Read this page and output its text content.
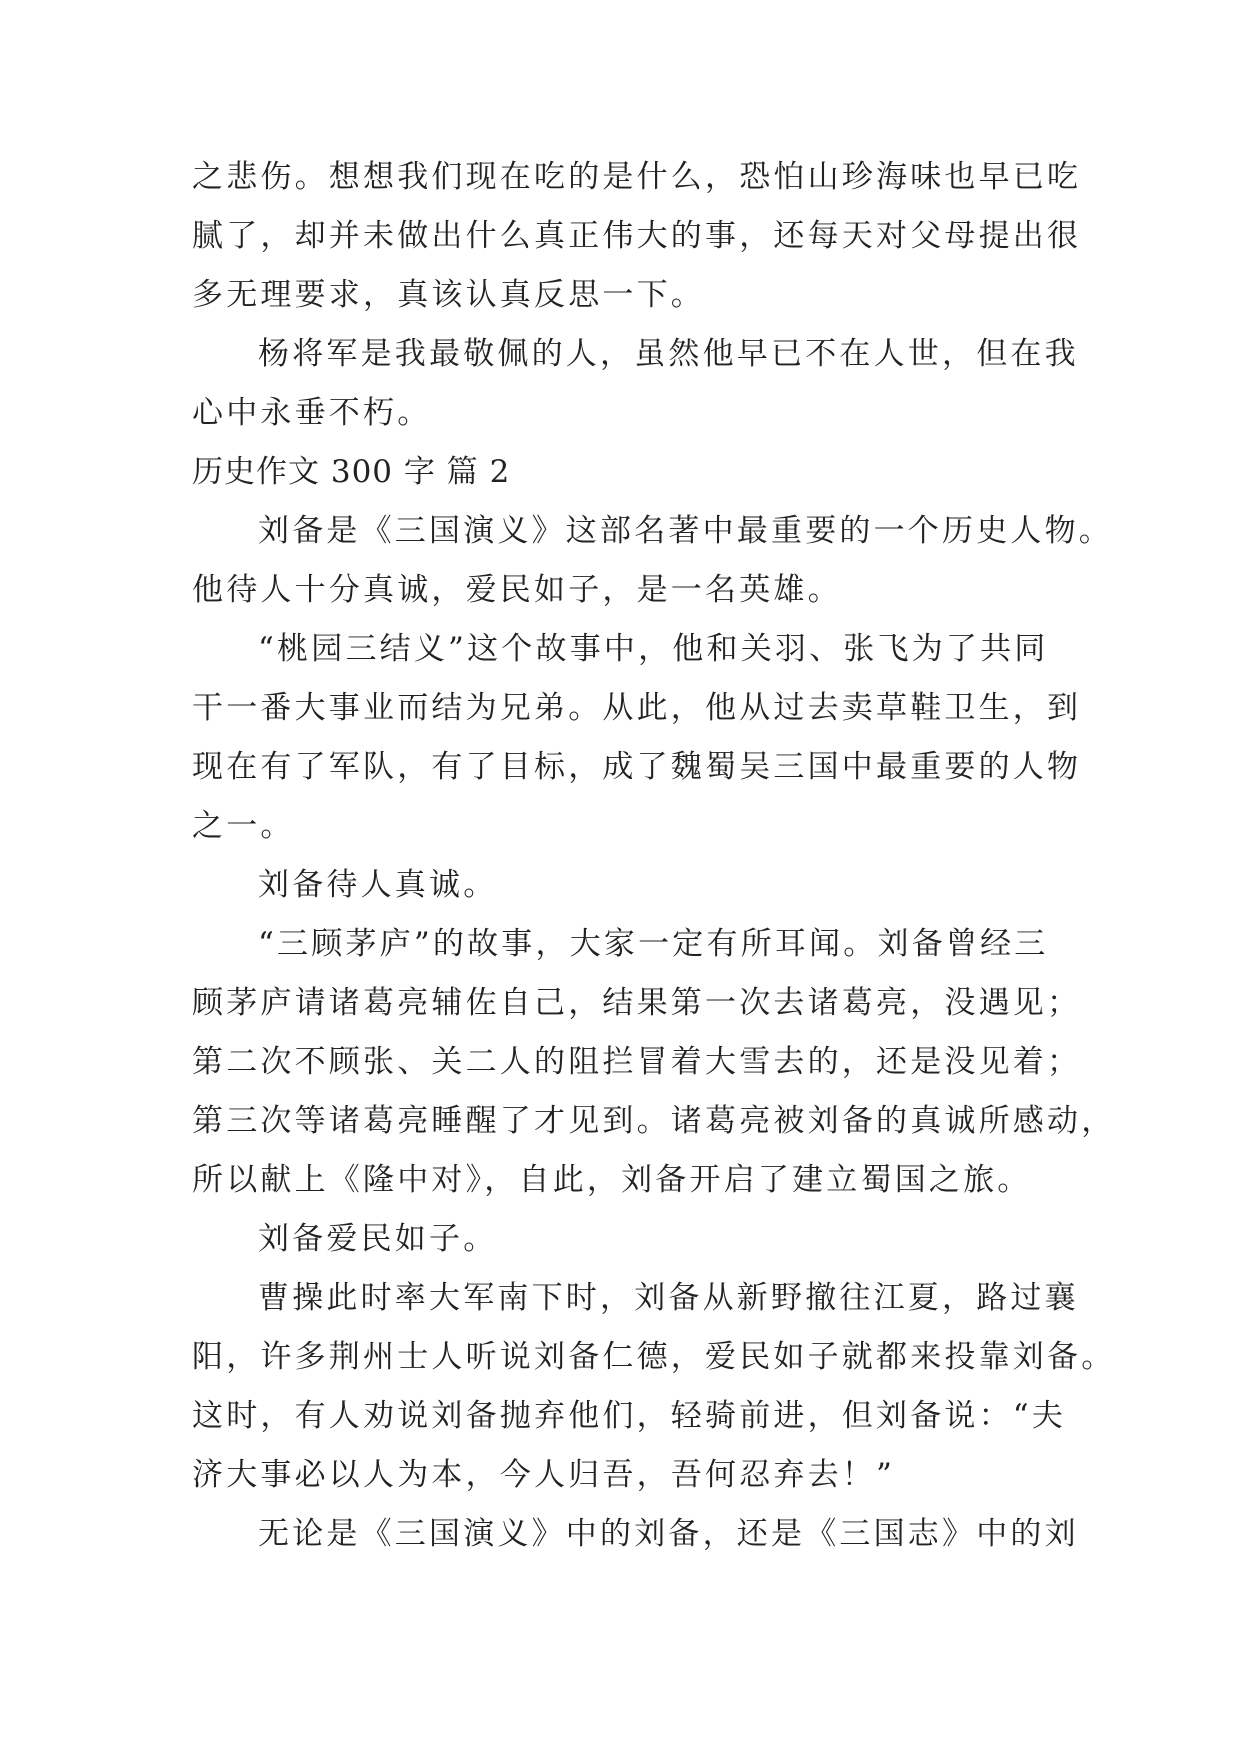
之悲伤。想想我们现在吃的是什么，恐怕山珍海味也早已吃
腻了，却并未做出什么真正伟大的事，还每天对父母提出很
多无理要求，真该认真反思一下。
杨将军是我最敬佩的人，虽然他早已不在人世，但在我
心中永垂不朽。
历史作文 300 字 篇 2
刘备是《三国演义》这部名著中最重要的一个历史人物。
他待人十分真诚，爱民如子，是一名英雄。
“桃园三结义”这个故事中，他和关羽、张飞为了共同
干一番大事业而结为兄弟。从此，他从过去卖草鞋卫生，到
现在有了军队，有了目标，成了魏蜀吴三国中最重要的人物
之一。
刘备待人真诚。
“三顾茅庐”的故事，大家一定有所耳闻。刘备曾经三
顾茅庐请诸葛亮辅佐自己，结果第一次去诸葛亮，没遇见；
第二次不顾张、关二人的阻拦冒着大雪去的，还是没见着；
第三次等诸葛亮睡醒了才见到。诸葛亮被刘备的真诚所感动，
所以献上《隆中对》，自此，刘备开启了建立蜀国之旅。
刘备爱民如子。
曹操此时率大军南下时，刘备从新野撤往江夏，路过襄
阳，许多荆州士人听说刘备仁德，爱民如子就都来投靠刘备。
这时，有人劝说刘备抛弃他们，轻骑前进，但刘备说：“夫
济大事必以人为本，今人归吾，吾何忍弃去！”
无论是《三国演义》中的刘备，还是《三国志》中的刘
